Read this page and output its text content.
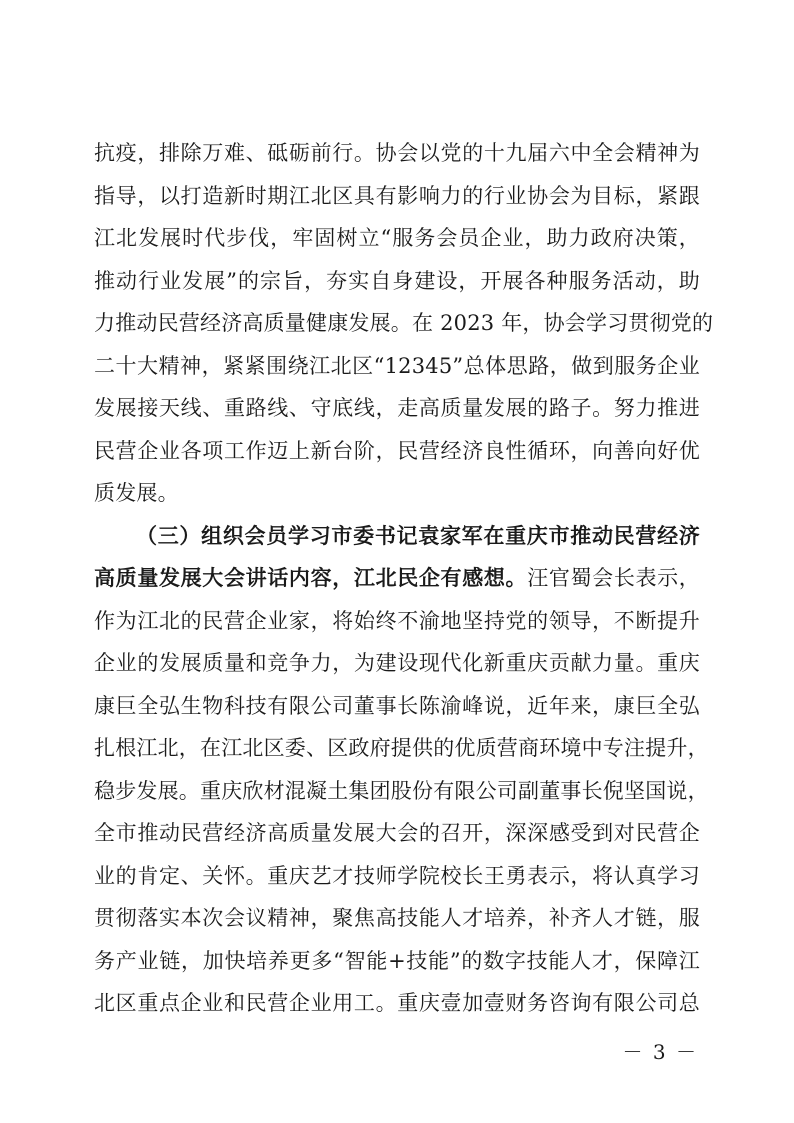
抗疫，排除万难、砥砺前行。协会以党的十九届六中全会精神为
指导，以打造新时期江北区具有影响力的行业协会为目标，紧跟
江北发展时代步伐，牢固树立“服务会员企业，助力政府决策，
推动行业发展”的宗旨，夯实自身建设，开展各种服务活动，助
力推动民营经济高质量健康发展。在 2023 年，协会学习贯彻党的
二十大精神，紧紧围绕江北区“12345”总体思路，做到服务企业
发展接天线、重路线、守底线，走高质量发展的路子。努力推进
民营企业各项工作迈上新台阶，民营经济良性循环，向善向好优
质发展。
（三）组织会员学习市委书记袁家军在重庆市推动民营经济
高质量发展大会讲话内容，江北民企有感想。汪官蜀会长表示，
作为江北的民营企业家，将始终不渝地坚持党的领导，不断提升
企业的发展质量和竞争力，为建设现代化新重庆贡献力量。重庆
康巨全弘生物科技有限公司董事长陈渝峰说，近年来，康巨全弘
扎根江北，在江北区委、区政府提供的优质营商环境中专注提升，
稳步发展。重庆欣材混凝土集团股份有限公司副董事长倪坚国说，
全市推动民营经济高质量发展大会的召开，深深感受到对民营企
业的肯定、关怀。重庆艺才技师学院校长王勇表示，将认真学习
贯彻落实本次会议精神，聚焦高技能人才培养，补齐人才链，服
务产业链，加快培养更多“智能+技能”的数字技能人才，保障江
北区重点企业和民营企业用工。重庆壹加壹财务咨询有限公司总
－ 3 －
